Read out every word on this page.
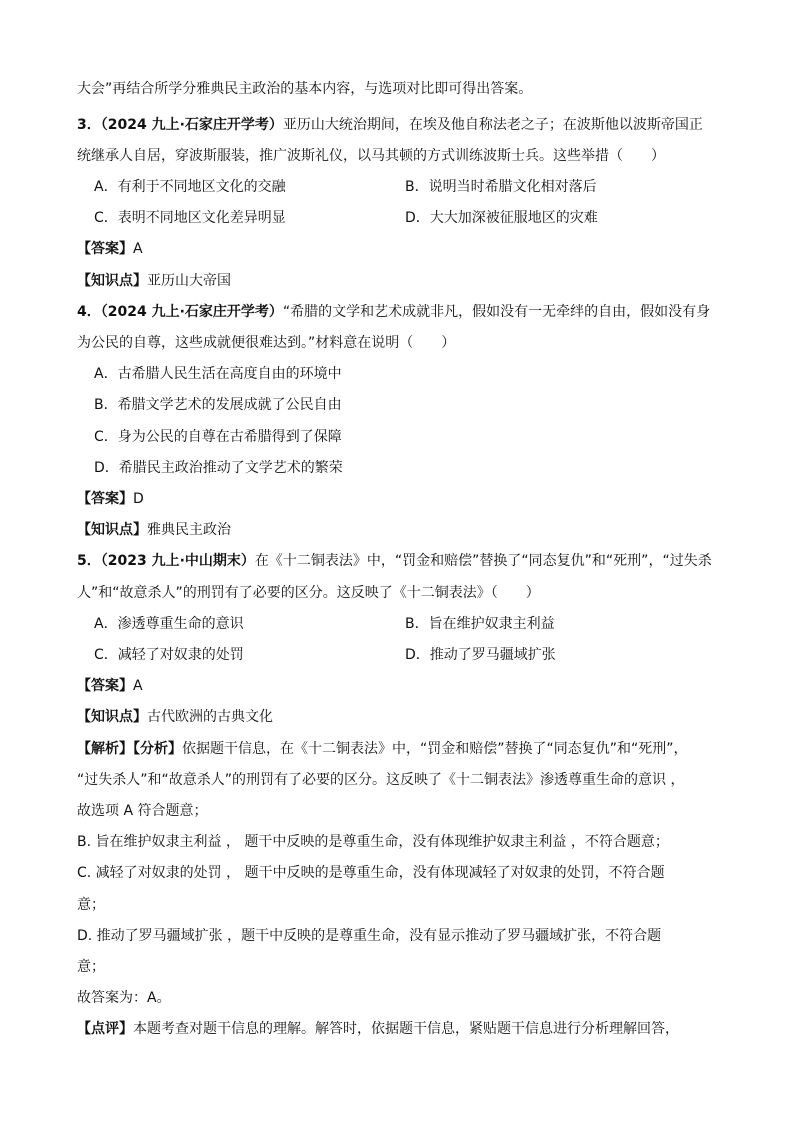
大会”再结合所学分雅典民主政治的基本内容，与选项对比即可得出答案。
3．（2024 九上·石家庄开学考）亚历山大统治期间，在埃及他自称法老之子；在波斯他以波斯帝国正
统继承人自居，穿波斯服装，推广波斯礼仪，以马其顿的方式训练波斯士兵。这些举措（　　）
A．有利于不同地区文化的交融	B．说明当时希腊文化相对落后
C．表明不同地区文化差异明显	D．大大加深被征服地区的灾难
【答案】A
【知识点】亚历山大帝国
4．（2024 九上·石家庄开学考）“希腊的文学和艺术成就非凡，假如没有一无牵绊的自由，假如没有身
为公民的自尊，这些成就便很难达到。”材料意在说明（　　）
A．古希腊人民生活在高度自由的环境中
B．希腊文学艺术的发展成就了公民自由
C．身为公民的自尊在古希腊得到了保障
D．希腊民主政治推动了文学艺术的繁荣
【答案】D
【知识点】雅典民主政治
5．（2023 九上·中山期末）在《十二铜表法》中，“罚金和赔偿”替换了“同态复仇”和“死刑”，“过失杀
人”和“故意杀人”的刑罚有了必要的区分。这反映了《十二铜表法》（　　）
A．渗透尊重生命的意识	B．旨在维护奴隶主利益
C．减轻了对奴隶的处罚	D．推动了罗马疆域扩张
【答案】A
【知识点】古代欧洲的古典文化
【解析】【分析】依据题干信息，在《十二铜表法》中，“罚金和赔偿”替换了“同态复仇”和“死刑”，
“过失杀人”和“故意杀人”的刑罚有了必要的区分。这反映了《十二铜表法》渗透尊重生命的意识 ，
故选项 A 符合题意；
B. 旨在维护奴隶主利益 ， 题干中反映的是尊重生命，没有体现维护奴隶主利益 ，不符合题意；
C. 减轻了对奴隶的处罚 ， 题干中反映的是尊重生命，没有体现减轻了对奴隶的处罚，不符合题
意；
D. 推动了罗马疆域扩张 ，题干中反映的是尊重生命，没有显示推动了罗马疆域扩张，不符合题
意；
故答案为：A。
【点评】本题考查对题干信息的理解。解答时，依据题干信息，紧贴题干信息进行分析理解回答，
